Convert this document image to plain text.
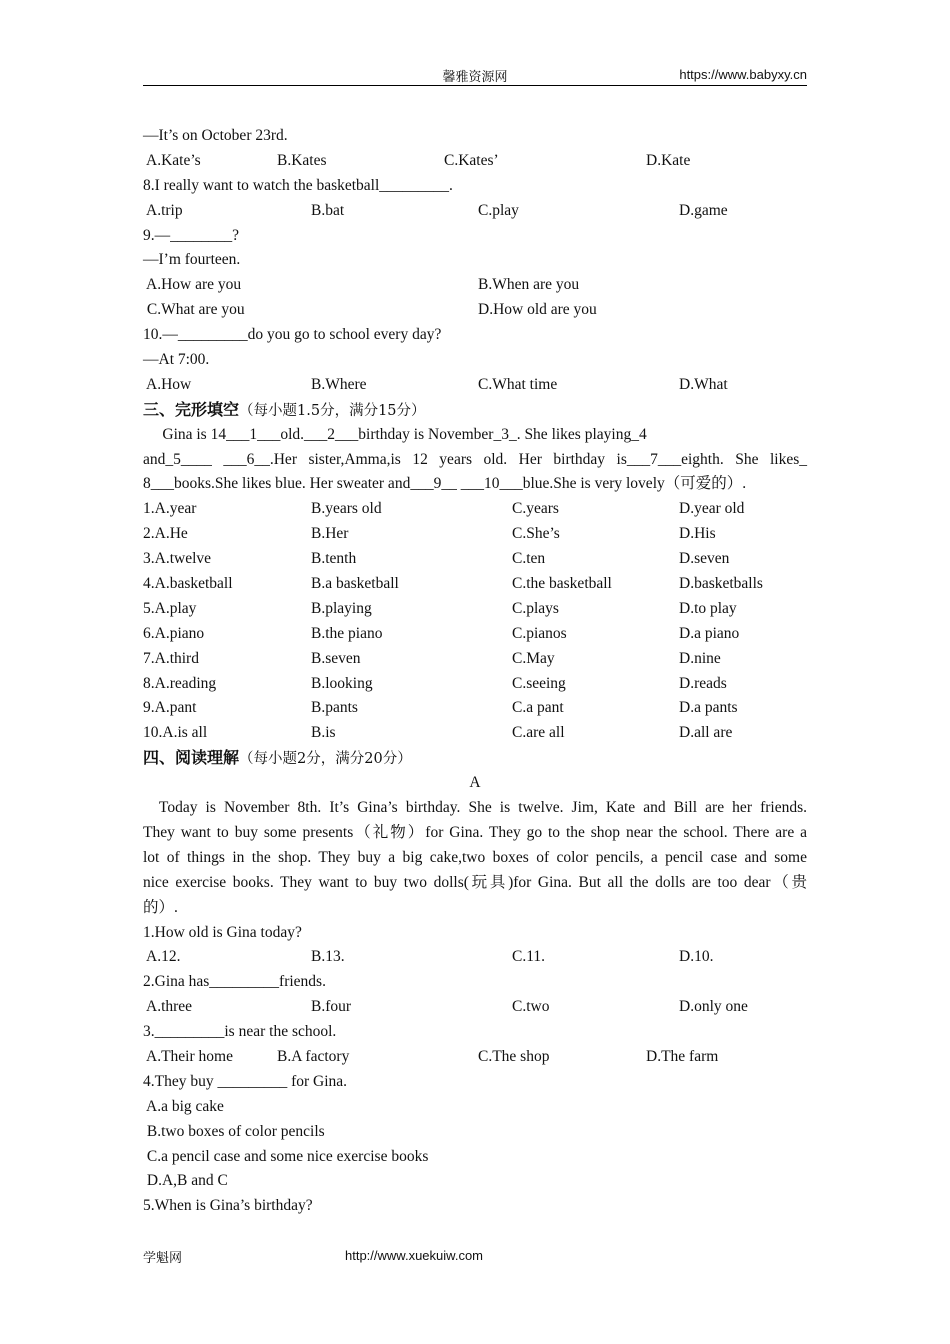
馨雅资源网	https://www.babyxy.cn
—It’s on October 23rd.
A.Kate’s	B.Kates	C.Kates’	D.Kate
8.I really want to watch the basketball_________.
A.trip	B.bat	C.play	D.game
9.—________?
—I’m fourteen.
A.How are you	B.When are you
C.What are you	D.How old are you
10.—_________do you go to school every day?
—At 7:00.
A.How	B.Where	C.What time	D.What
三、完形填空（每小题1.5分，满分15分）
Gina is 14___1___old.___2___birthday is November_3_. She likes playing_4
and_5____ ___6__.Her sister,Amma,is 12 years old. Her birthday is___7___eighth. She likes_
8___books.She likes blue. Her sweater and___9__ ___10___blue.She is very lovely（可爱的）.
1.A.year	B.years old	C.years	D.year old
2.A.He	B.Her	C.She’s	D.His
3.A.twelve	B.tenth	C.ten	D.seven
4.A.basketball	B.a basketball	C.the basketball	D.basketballs
5.A.play	B.playing	C.plays	D.to play
6.A.piano	B.the piano	C.pianos	D.a piano
7.A.third	B.seven	C.May	D.nine
8.A.reading	B.looking	C.seeing	D.reads
9.A.pant	B.pants	C.a pant	D.a pants
10.A.is all	B.is	C.are all	D.all are
四、阅读理解（每小题2分，满分20分）
A
Today is November 8th. It’s Gina’s birthday. She is twelve. Jim, Kate and Bill are her friends.
They want to buy some presents（礼物）for Gina. They go to the shop near the school. There are a
lot of things in the shop. They buy a big cake,two boxes of color pencils, a pencil case and some
nice exercise books. They want to buy two dolls(玩具)for Gina. But all the dolls are too dear（贵
的）.
1.How old is Gina today?
A.12.	B.13.	C.11.	D.10.
2.Gina has_________friends.
A.three	B.four	C.two	D.only one
3._________is near the school.
A.Their home	B.A factory	C.The shop	D.The farm
4.They buy _________ for Gina.
A.a big cake
B.two boxes of color pencils
C.a pencil case and some nice exercise books
D.A,B and C
5.When is Gina’s birthday?
学魁网	http://www.xuekuiw.com
